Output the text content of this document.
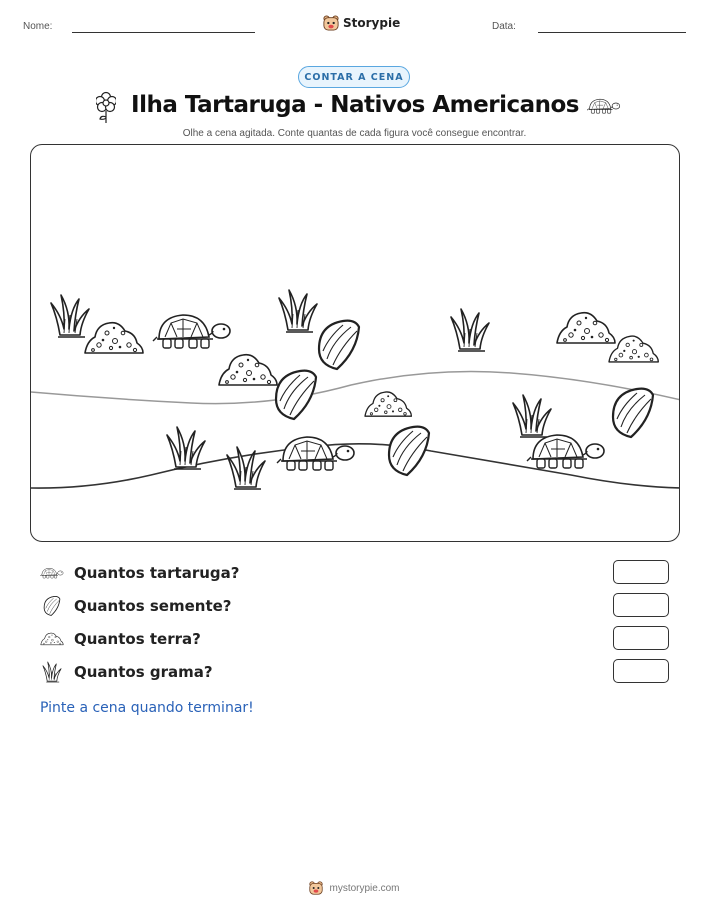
Nome:	Storypie	Data:
CONTAR A CENA
Ilha Tartaruga - Nativos Americanos
Olhe a cena agitada. Conte quantas de cada figura você consegue encontrar.
Quantos tartaruga?
Quantos semente?
Quantos terra?
Quantos grama?
Pinte a cena quando terminar!
mystorypie.com
